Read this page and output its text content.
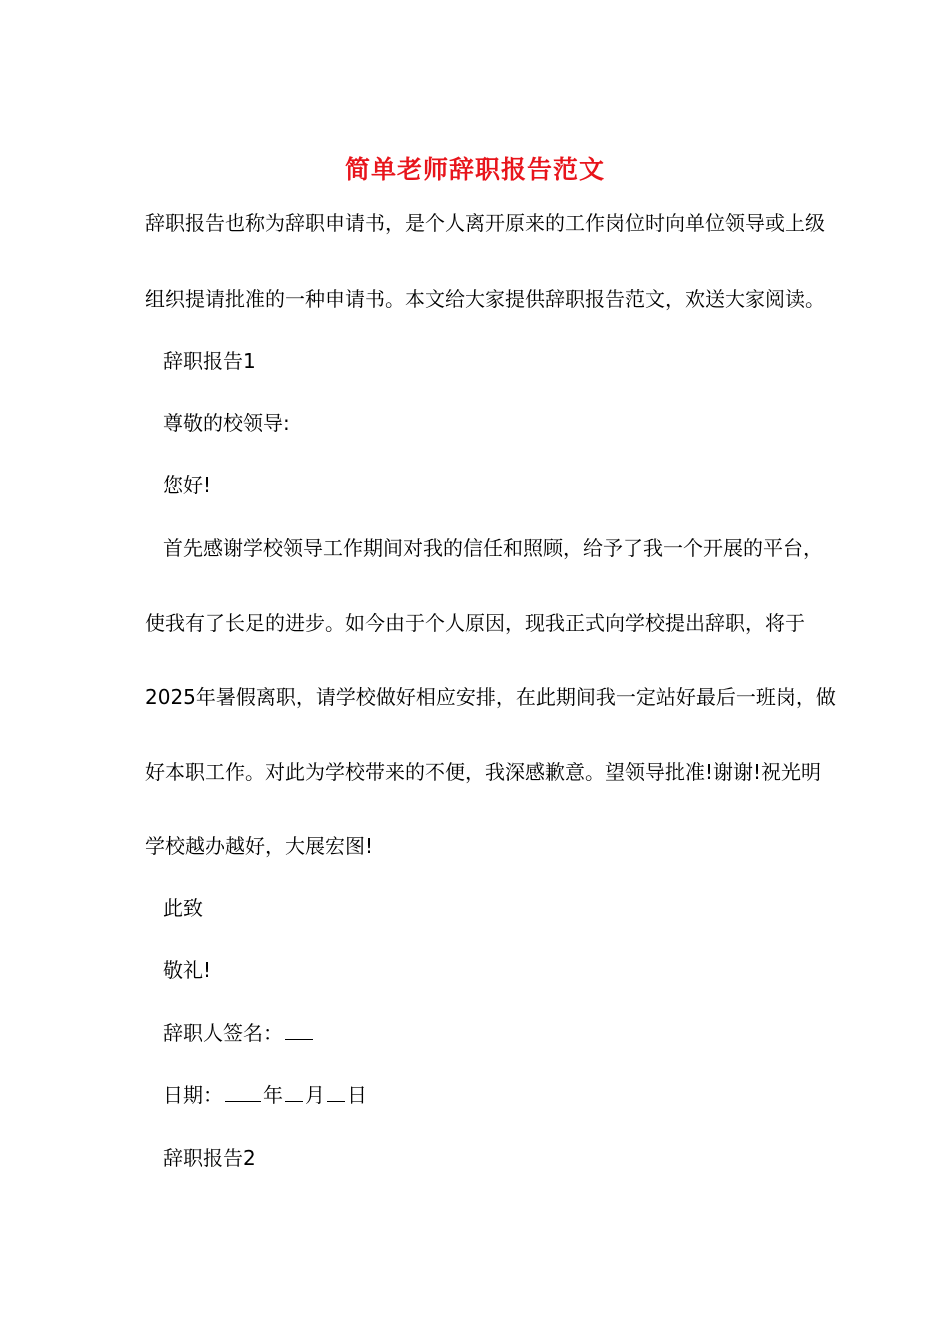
简单老师辞职报告范文
辞职报告也称为辞职申请书，是个人离开原来的工作岗位时向单位领导或上级
组织提请批准的一种申请书。本文给大家提供辞职报告范文，欢送大家阅读。
辞职报告1
尊敬的校领导:
您好!
首先感谢学校领导工作期间对我的信任和照顾，给予了我一个开展的平台，
使我有了长足的进步。如今由于个人原因，现我正式向学校提出辞职，将于
2025年暑假离职，请学校做好相应安排，在此期间我一定站好最后一班岗，做
好本职工作。对此为学校带来的不便，我深感歉意。望领导批准!谢谢!祝光明
学校越办越好，大展宏图!
此致
敬礼!
辞职人签名：
日期： 年 月 日
辞职报告2
